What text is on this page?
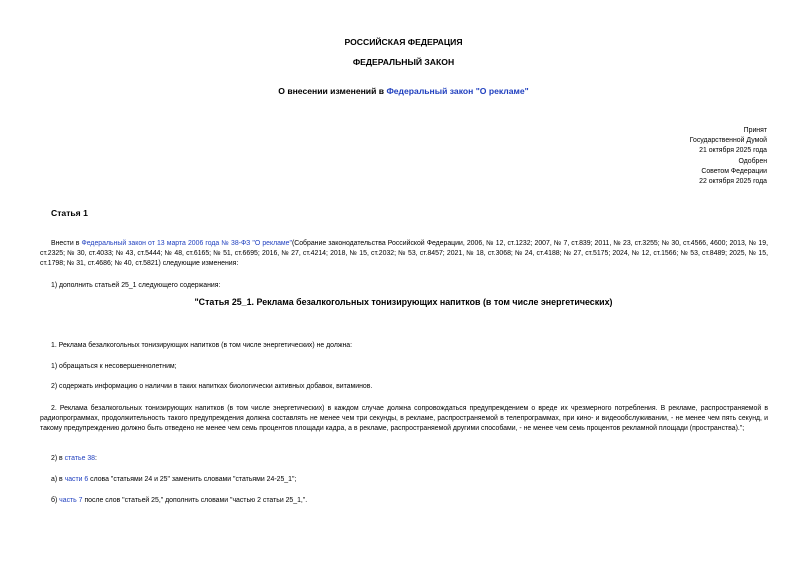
РОССИЙСКАЯ ФЕДЕРАЦИЯ
ФЕДЕРАЛЬНЫЙ ЗАКОН
О внесении изменений в Федеральный закон "О рекламе"
Принят
Государственной Думой
21 октября 2025 года
Одобрен
Советом Федерации
22 октября 2025 года
Статья 1
Внести в Федеральный закон от 13 марта 2006 года № 38-ФЗ "О рекламе"(Собрание законодательства Российской Федерации, 2006, № 12, ст.1232; 2007, № 7, ст.839; 2011, № 23, ст.3255; № 30, ст.4566, 4600; 2013, № 19, ст.2325; № 30, ст.4033; № 43, ст.5444; № 48, ст.6165; № 51, ст.6695; 2016, № 27, ст.4214; 2018, № 15, ст.2032; № 53, ст.8457; 2021, № 18, ст.3068; № 24, ст.4188; № 27, ст.5175; 2024, № 12, ст.1566; № 53, ст.8489; 2025, № 15, ст.1798; № 31, ст.4686; № 40, ст.5821) следующие изменения:
1) дополнить статьей 25_1 следующего содержания:
"Статья 25_1. Реклама безалкогольных тонизирующих напитков (в том числе энергетических)
1. Реклама безалкогольных тонизирующих напитков (в том числе энергетических) не должна:
1) обращаться к несовершеннолетним;
2) содержать информацию о наличии в таких напитках биологически активных добавок, витаминов.
2. Реклама безалкогольных тонизирующих напитков (в том числе энергетических) в каждом случае должна сопровождаться предупреждением о вреде их чрезмерного потребления. В рекламе, распространяемой в радиопрограммах, продолжительность такого предупреждения должна составлять не менее чем три секунды, в рекламе, распространяемой в телепрограммах, при кино- и видеообслуживании, - не менее чем пять секунд, и такому предупреждению должно быть отведено не менее чем семь процентов площади кадра, а в рекламе, распространяемой другими способами, - не менее чем семь процентов рекламной площади (пространства).";
2) в статье 38:
а) в части 6 слова "статьями 24 и 25" заменить словами "статьями 24-25_1";
б) часть 7 после слов "статьей 25," дополнить словами "частью 2 статьи 25_1,".
